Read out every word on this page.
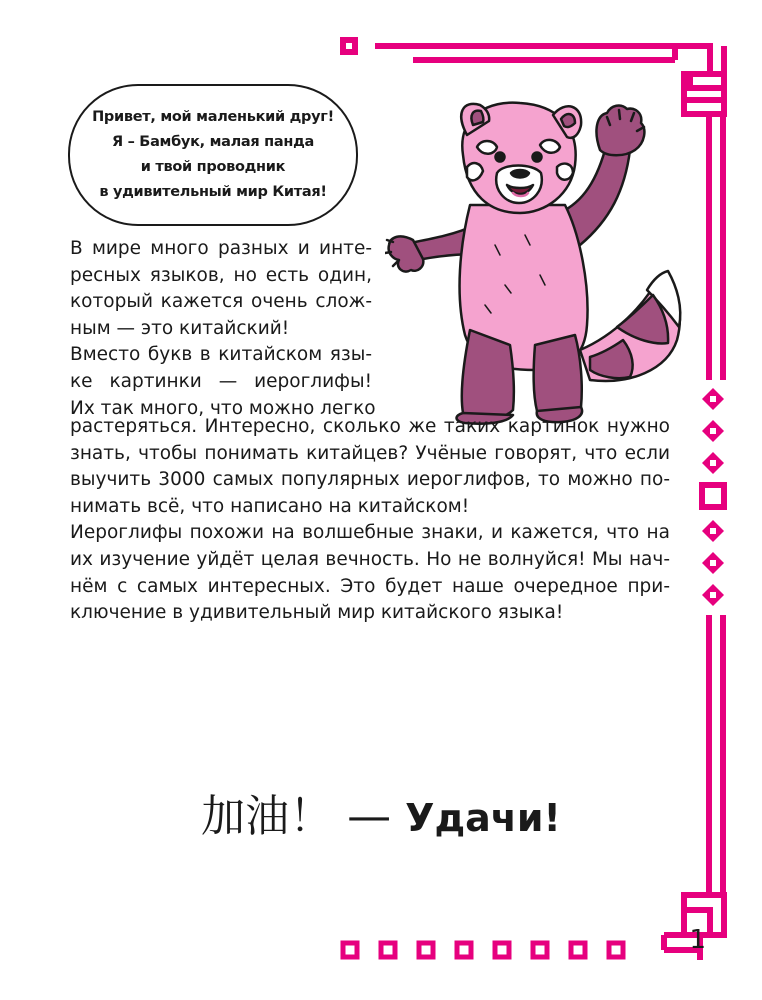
Привет, мой маленький друг!
Я – Бамбук, малая панда
и твой проводник
в удивительный мир Китая!
В мире много разных и инте-
ресных языков, но есть один,
который кажется очень слож-
ным — это китайский!
Вместо букв в китайском язы-
ке картинки — иероглифы!
Их так много, что можно легко
растеряться. Интересно, сколько же таких картинок нужно
знать, чтобы понимать китайцев? Учёные говорят, что если
выучить 3000 самых популярных иероглифов, то можно по-
нимать всё, что написано на китайском!
Иероглифы похожи на волшебные знаки, и кажется, что на
их изучение уйдёт целая вечность. Но не волнуйся! Мы нач-
нём с самых интересных. Это будет наше очередное при-
ключение в удивительный мир китайского языка!
加油！ — Удачи!
1
